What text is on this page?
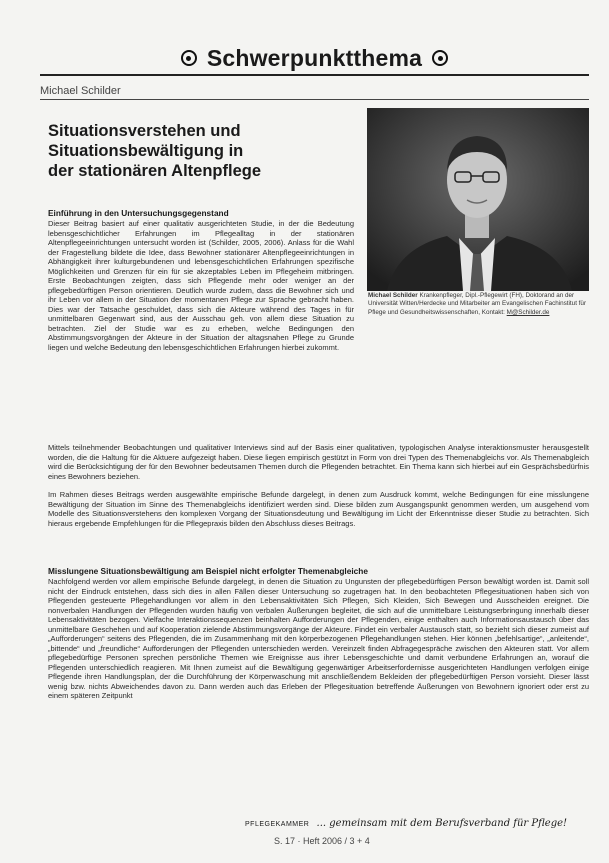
Schwerpunktthema
Michael Schilder
Situationsverstehen und
Situationsbewältigung in
der stationären Altenpflege
Michael Schilder Krankenpfleger, Dipl.-Pflegewirt (FH), Doktorand an der Universität Witten/Herdecke und Mitarbeiter am Evangelischen Fachinstitut für Pflege und Gesundheitswissenschaften, Kontakt: M@Schilder.de
Einführung in den Untersuchungsgegenstand

Dieser Beitrag basiert auf einer qualitativ ausgerichteten Studie, in der die Bedeutung lebensgeschichtlicher Erfahrungen im Pflegealltag in der stationären Altenpflegeeinrichtungen untersucht worden ist (Schilder, 2005, 2006). Anlass für die Wahl der Fragestellung bildete die Idee, dass Bewohner stationärer Altenpflegeeinrichtungen in Abhängigkeit ihrer kulturgebundenen und lebensgeschichtlichen Erfahrungen spezifische Möglichkeiten und Grenzen für ein für sie akzeptables Leben im Pflegeheim mitbringen. Erste Beobachtungen zeigten, dass sich Pflegende mehr oder weniger an der pflegebedürftigen Person orientieren. Deutlich wurde zudem, dass die Bewohner sich und ihr Leben vor allem in der Situation der momentanen Pflege zur Sprache gebracht haben. Dies war der Tatsache geschuldet, dass sich die Akteure während des Tages in für unmittelbaren Gegenwart sind, aus der Ausschau geh. von allem diese Situation zu betrachten. Ziel der Studie war es zu erheben, welche Bedingungen den Abstimmungsvorgängen der Akteure in der Situation der altagsnahen Pflege zu Grunde liegen und welche Bedeutung den lebensgeschichtlichen Erfahrungen hierbei zukommt.

Mittels teilnehmender Beobachtungen und qualitativer Interviews sind auf der Basis einer qualitativen, typologischen Analyse interaktionsmuster herausgestellt worden, die die Haltung für die Aktuere aufgezeigt haben. Diese liegen empirisch gestützt in Form von drei Typen des Themenabgleichs vor. Als Themenabgleich wird die Berücksichtigung der für den Bewohner bedeutsamen Themen durch die Pflegenden betrachtet. Ein Thema kann sich hierbei auf ein Gesprächsbedürfnis eines Bewohners beziehen.

Im Rahmen dieses Beitrags werden ausgewählte empirische Befunde dargelegt, in denen zum Ausdruck kommt, welche Bedingungen für eine misslungene Bewältigung der Situation im Sinne des Themenabgleichs identifiziert werden sind. Diese bilden zum Ausgangspunkt genommen werden, um ausgehend vom Modelle des Situationsverstehens den komplexen Vorgang der Situationsdeutung und Bewältigung im Licht der Erkenntnisse dieser Studie zu betrachten. Sich hieraus ergebende Empfehlungen für die Pflegepraxis bilden den Abschluss dieses Beitrags.

Misslungene Situationsbewältigung am Beispiel nicht erfolgter Themenabgleiche

Nachfolgend werden vor allem empirische Befunde dargelegt, in denen die Situation zu Ungunsten der pflegebedürftigen Person bewältigt worden ist. Damit soll nicht der Eindruck entstehen, dass sich dies in allen Fällen dieser Untersuchung so zugetragen hat. In den beobachteten Pflegesituationen haben sich von Pflegenden gesteuerte Pflegehandlungen vor allem in den Lebensaktivitäten Sich Pflegen, Sich Kleiden, Sich Bewegen und Ausscheiden ereignet. Die nonverbalen Handlungen der Pflegenden wurden häufig von verbalen Äußerungen begleitet, die sich auf die unmittelbare Leistungserbringung innerhalb dieser Lebensaktivitäten bezogen. Vielfache Interaktionssequenzen beinhalten Aufforderungen der Pflegenden, einige enthalten auch Informationsaustausch über das unmittelbare Geschehen und auf Kooperation zielende Abstimmungsvorgänge der Akteure. Findet ein verbaler Austausch statt, so bezieht sich dieser zumeist auf „Aufforderungen“ seitens des Pflegenden, die im Zusammenhang mit den körperbezogenen Pflegehandlungen stehen. Hier können „befehlsartige“, „anleitende“, „bittende“ und „freundliche“ Aufforderungen der Pflegenden unterschieden werden. Vereinzelt finden Abfragegespräche zwischen den Akteuren statt. Vor allem pflegebedürftige Personen sprechen persönliche Themen wie Ereignisse aus ihrer Lebensgeschichte und damit verbundene Erfahrungen an, worauf die Pflegenden unterschiedlich reagieren. Mit Ihnen zumeist auf die Bewältigung gegenwärtiger Arbeitserfordernisse ausgerichteten Handlungen verfolgen einige Pflegende ihren Handlungsplan, der die Durchführung der Körperwaschung mit anschließendem Bekleiden der pflegebedürftigen Person vorsieht. Dieser lässt wenig bzw. nichts Abweichendes davon zu. Dann werden auch das Erleben der Pflegesituation betreffende Äußerungen von Bewohnern ignoriert oder erst zu einem späteren Zeitpunkt

PFLEGEKAMMER ... gemeinsam mit dem Berufsverband für Pflege!
S. 17 · Heft 2006 / 3 + 4
